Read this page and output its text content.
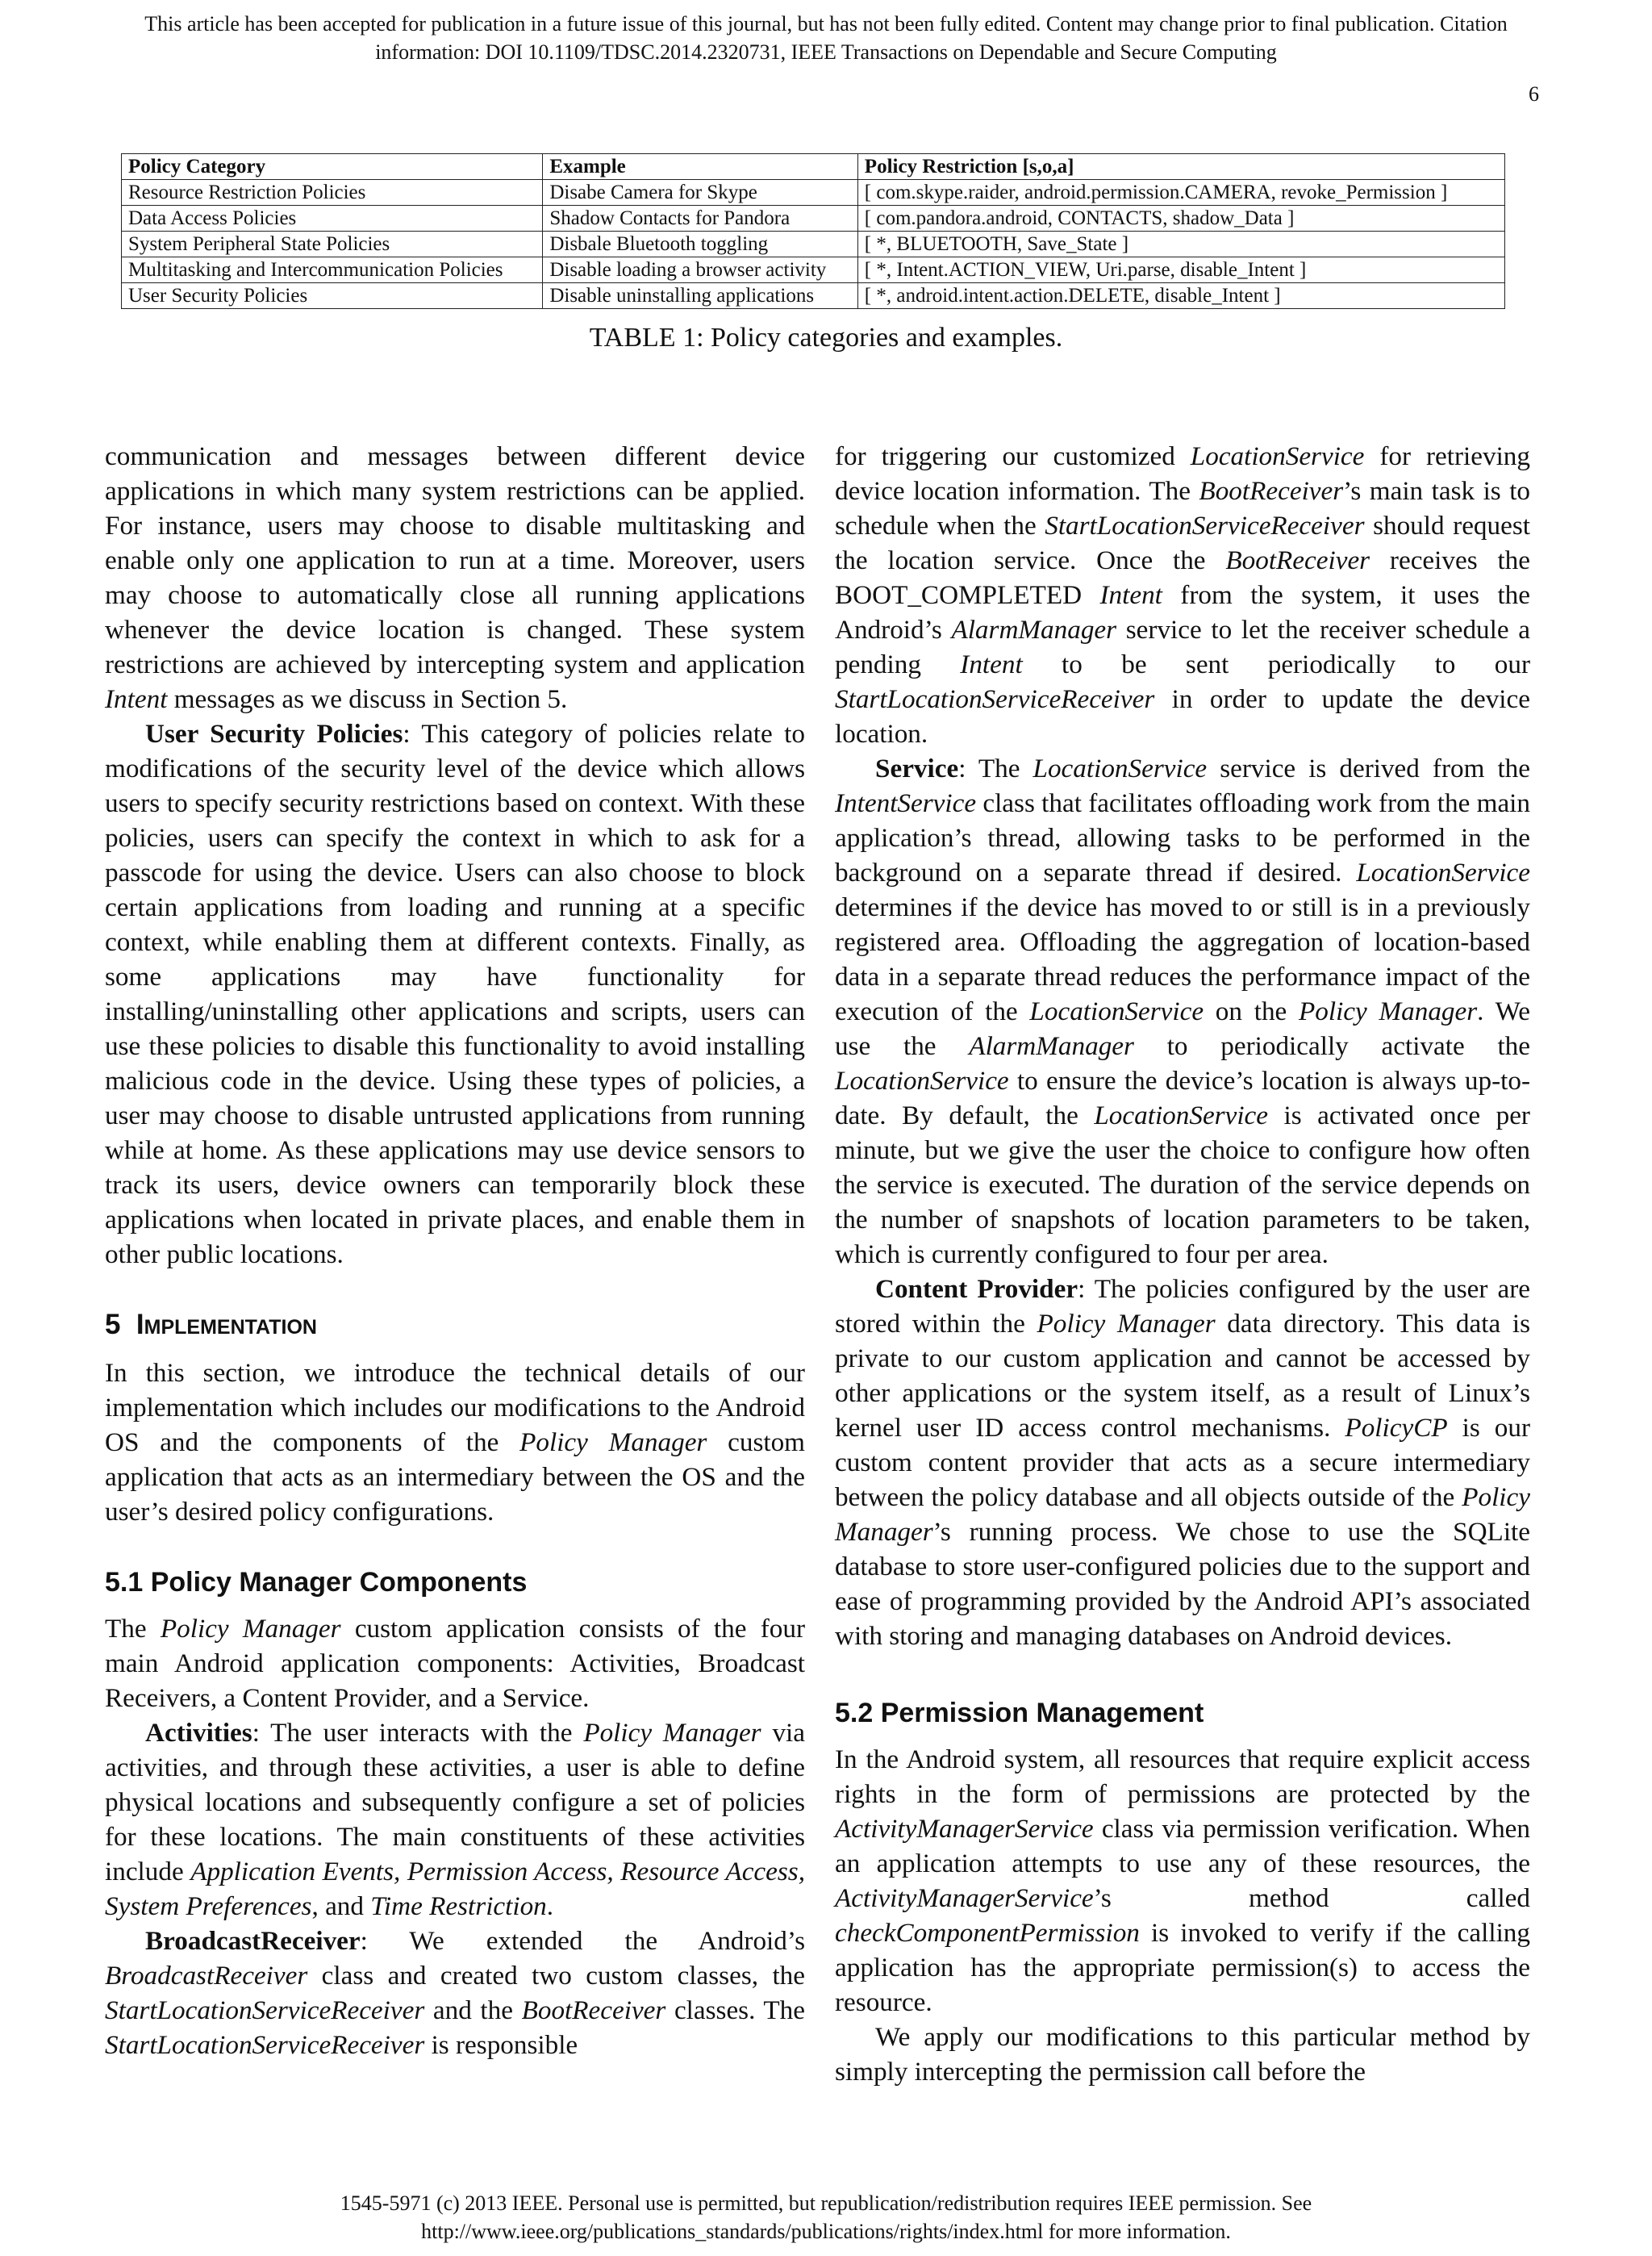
This article has been accepted for publication in a future issue of this journal, but has not been fully edited. Content may change prior to final publication. Citation
information: DOI 10.1109/TDSC.2014.2320731, IEEE Transactions on Dependable and Secure Computing
6
Policy Category	Example	Policy Restriction [s,o,a]
Resource Restriction Policies	Disabe Camera for Skype	[ com.skype.raider, android.permission.CAMERA, revoke_Permission ]
Data Access Policies	Shadow Contacts for Pandora	[ com.pandora.android, CONTACTS, shadow_Data ]
System Peripheral State Policies	Disbale Bluetooth toggling	[ *, BLUETOOTH, Save_State ]
Multitasking and Intercommunication Policies	Disable loading a browser activity	[ *, Intent.ACTION_VIEW, Uri.parse, disable_Intent ]
User Security Policies	Disable uninstalling applications	[ *, android.intent.action.DELETE, disable_Intent ]
TABLE 1: Policy categories and examples.

communication and messages between different device applications in which many system restrictions can be applied. For instance, users may choose to disable multitasking and enable only one application to run at a time. Moreover, users may choose to automatically close all running applications whenever the device location is changed. These system restrictions are achieved by intercepting system and application Intent messages as we discuss in Section 5.

User Security Policies: This category of policies relate to modifications of the security level of the device which allows users to specify security restrictions based on context. With these policies, users can specify the context in which to ask for a passcode for using the device. Users can also choose to block certain applications from loading and running at a specific context, while enabling them at different contexts. Finally, as some applications may have functionality for installing/uninstalling other applications and scripts, users can use these policies to disable this functionality to avoid installing malicious code in the device. Using these types of policies, a user may choose to disable untrusted applications from running while at home. As these applications may use device sensors to track its users, device owners can temporarily block these applications when located in private places, and enable them in other public locations.

5 Implementation

In this section, we introduce the technical details of our implementation which includes our modifications to the Android OS and the components of the Policy Manager custom application that acts as an intermediary between the OS and the user’s desired policy configurations.

5.1 Policy Manager Components

The Policy Manager custom application consists of the four main Android application components: Activities, Broadcast Receivers, a Content Provider, and a Service.

Activities: The user interacts with the Policy Manager via activities, and through these activities, a user is able to define physical locations and subsequently configure a set of policies for these locations. The main constituents of these activities include Application Events, Permission Access, Resource Access, System Preferences, and Time Restriction.

BroadcastReceiver: We extended the Android’s BroadcastReceiver class and created two custom classes, the StartLocationServiceReceiver and the BootReceiver classes. The StartLocationServiceReceiver is responsible

for triggering our customized LocationService for retrieving device location information. The BootReceiver’s main task is to schedule when the StartLocationServiceReceiver should request the location service. Once the BootReceiver receives the BOOT_COMPLETED Intent from the system, it uses the Android’s AlarmManager service to let the receiver schedule a pending Intent to be sent periodically to our StartLocationServiceReceiver in order to update the device location.

Service: The LocationService service is derived from the IntentService class that facilitates offloading work from the main application’s thread, allowing tasks to be performed in the background on a separate thread if desired. LocationService determines if the device has moved to or still is in a previously registered area. Offloading the aggregation of location-based data in a separate thread reduces the performance impact of the execution of the LocationService on the Policy Manager. We use the AlarmManager to periodically activate the LocationService to ensure the device’s location is always up-to-date. By default, the LocationService is activated once per minute, but we give the user the choice to configure how often the service is executed. The duration of the service depends on the number of snapshots of location parameters to be taken, which is currently configured to four per area.

Content Provider: The policies configured by the user are stored within the Policy Manager data directory. This data is private to our custom application and cannot be accessed by other applications or the system itself, as a result of Linux’s kernel user ID access control mechanisms. PolicyCP is our custom content provider that acts as a secure intermediary between the policy database and all objects outside of the Policy Manager’s running process. We chose to use the SQLite database to store user-configured policies due to the support and ease of programming provided by the Android API’s associated with storing and managing databases on Android devices.

5.2 Permission Management

In the Android system, all resources that require explicit access rights in the form of permissions are protected by the ActivityManagerService class via permission verification. When an application attempts to use any of these resources, the ActivityManagerService’s method called checkComponentPermission is invoked to verify if the calling application has the appropriate permission(s) to access the resource.

We apply our modifications to this particular method by simply intercepting the permission call before the

1545-5971 (c) 2013 IEEE. Personal use is permitted, but republication/redistribution requires IEEE permission. See
http://www.ieee.org/publications_standards/publications/rights/index.html for more information.
